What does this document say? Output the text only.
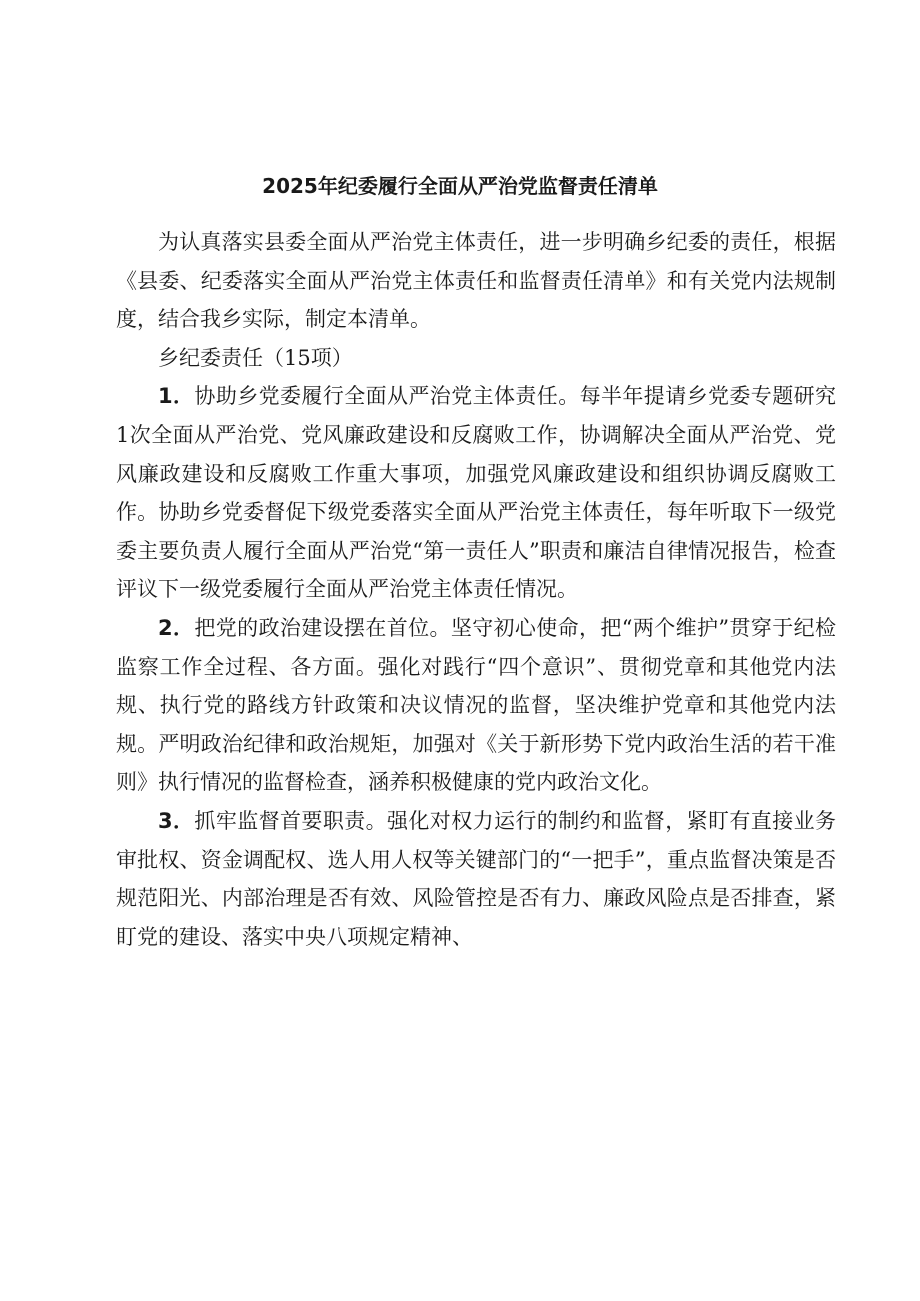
2025年纪委履行全面从严治党监督责任清单

为认真落实县委全面从严治党主体责任，进一步明确乡纪委的责任，根据《县委、纪委落实全面从严治党主体责任和监督责任清单》和有关党内法规制度，结合我乡实际，制定本清单。

乡纪委责任（15项）

1．协助乡党委履行全面从严治党主体责任。每半年提请乡党委专题研究1次全面从严治党、党风廉政建设和反腐败工作，协调解决全面从严治党、党风廉政建设和反腐败工作重大事项，加强党风廉政建设和组织协调反腐败工作。协助乡党委督促下级党委落实全面从严治党主体责任，每年听取下一级党委主要负责人履行全面从严治党“第一责任人”职责和廉洁自律情况报告，检查评议下一级党委履行全面从严治党主体责任情况。

2．把党的政治建设摆在首位。坚守初心使命，把“两个维护”贯穿于纪检监察工作全过程、各方面。强化对践行“四个意识”、贯彻党章和其他党内法规、执行党的路线方针政策和决议情况的监督，坚决维护党章和其他党内法规。严明政治纪律和政治规矩，加强对《关于新形势下党内政治生活的若干准则》执行情况的监督检查，涵养积极健康的党内政治文化。

3．抓牢监督首要职责。强化对权力运行的制约和监督，紧盯有直接业务审批权、资金调配权、选人用人权等关键部门的“一把手”，重点监督决策是否规范阳光、内部治理是否有效、风险管控是否有力、廉政风险点是否排查，紧盯党的建设、落实中央八项规定精神、
